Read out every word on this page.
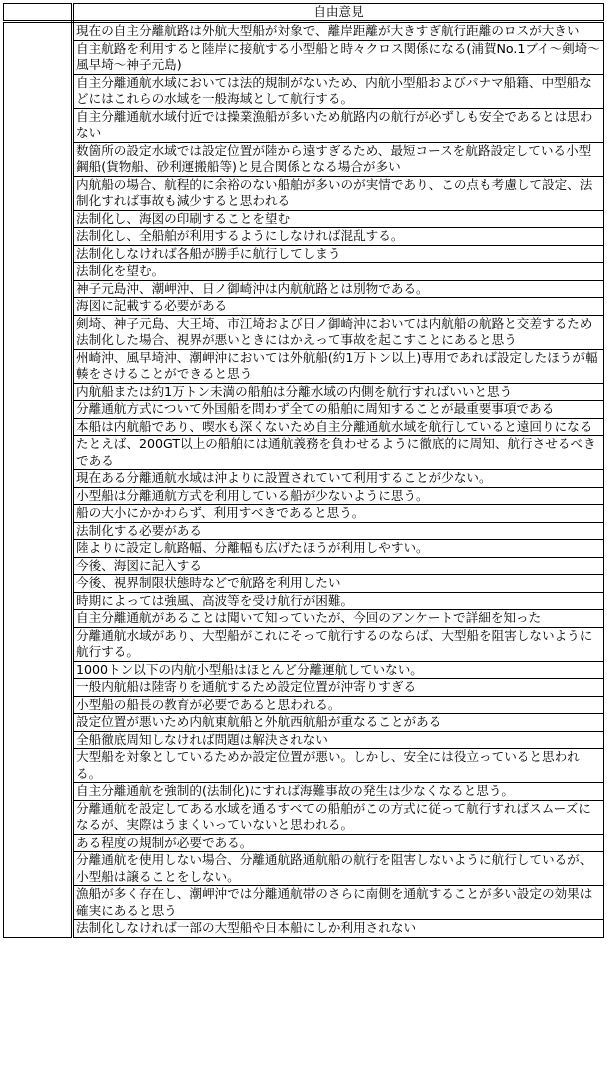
	自由意見
	現在の自主分離航路は外航大型船が対象で、離岸距離が大きすぎ航行距離のロスが大きい
	自主航路を利用すると陸岸に接航する小型船と時々クロス関係になる(浦賀No.1ブイ～剣埼～風早埼～神子元島)
	自主分離通航水域においては法的規制がないため、内航小型船およびパナマ船籍、中型船などにはこれらの水域を一般海域として航行する。
	自主分離通航水域付近では操業漁船が多いため航路内の航行が必ずしも安全であるとは思わない
	数箇所の設定水域では設定位置が陸から遠すぎるため、最短コースを航路設定している小型鋼船(貨物船、砂利運搬船等)と見合関係となる場合が多い
	内航船の場合、航程的に余裕のない船舶が多いのが実情であり、この点も考慮して設定、法制化すれば事故も減少すると思われる
	法制化し、海図の印刷することを望む
	法制化し、全船舶が利用するようにしなければ混乱する。
	法制化しなければ各船が勝手に航行してしまう
	法制化を望む。
	神子元島沖、潮岬沖、日ノ御崎沖は内航航路とは別物である。
	海図に記載する必要がある
	剣埼、神子元島、大王埼、市江埼および日ノ御崎沖においては内航船の航路と交差するため法制化した場合、視界が悪いときにはかえって事故を起こすことにあると思う
	州崎沖、風早埼沖、潮岬沖においては外航船(約1万トン以上)専用であれば設定したほうが輻輳をさけることができると思う
	内航船または約1万トン未満の船舶は分離水域の内側を航行すればいいと思う
	分離通航方式について外国船を問わず全ての船舶に周知することが最重要事項である
	本船は内航船であり、喫水も深くないため自主分離通航水域を航行していると遠回りになる
	たとえば、200GT以上の船舶には通航義務を負わせるように徹底的に周知、航行させるべきである
	現在ある分離通航水域は沖よりに設置されていて利用することが少ない。
	小型船は分離通航方式を利用している船が少ないように思う。
	船の大小にかかわらず、利用すべきであると思う。
	法制化する必要がある
	陸よりに設定し航路幅、分離幅も広げたほうが利用しやすい。
	今後、海図に記入する
	今後、視界制限状態時などで航路を利用したい
	時期によっては強風、高波等を受け航行が困難。
	自主分離通航があることは聞いて知っていたが、今回のアンケートで詳細を知った
	分離通航水域があり、大型船がこれにそって航行するのならば、大型船を阻害しないように航行する。
	1000トン以下の内航小型船はほとんど分離運航していない。
	一般内航船は陸寄りを通航するため設定位置が沖寄りすぎる
	小型船の船長の教育が必要であると思われる。
	設定位置が悪いため内航東航船と外航西航船が重なることがある
	全船徹底周知しなければ問題は解決されない
	大型船を対象としているためか設定位置が悪い。しかし、安全には役立っていると思われる。
	自主分離通航を強制的(法制化)にすれば海難事故の発生は少なくなると思う。
	分離通航を設定してある水域を通るすべての船舶がこの方式に従って航行すればスムーズになるが、実際はうまくいっていないと思われる。
	ある程度の規制が必要である。
	分離通航を使用しない場合、分離通航路通航船の航行を阻害しないように航行しているが、小型船は譲ることをしない。
	漁船が多く存在し、潮岬沖では分離通航帯のさらに南側を通航することが多い設定の効果は確実にあると思う
	法制化しなければ一部の大型船や日本船にしか利用されない
